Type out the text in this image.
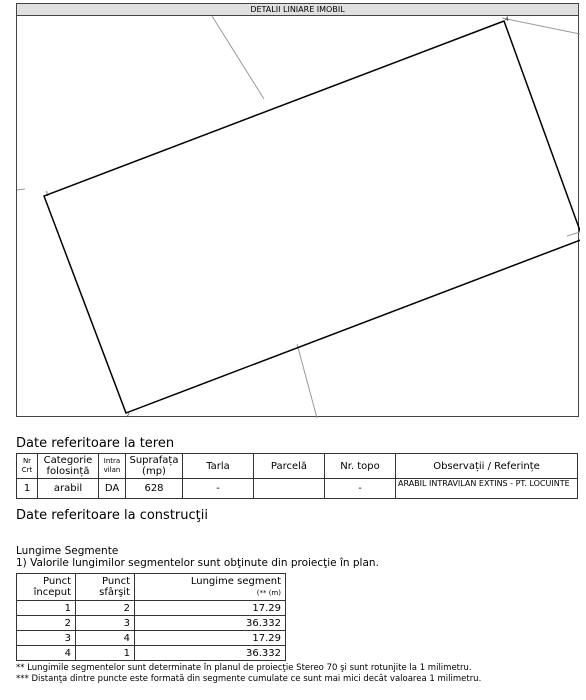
DETALII LINIARE IMOBIL
1
2
4
Date referitoare la teren
Nr Crt	Categorie folosință	Intra vilan	Suprafața (mp)	Tarla	Parcelă	Nr. topo	Observații / Referințe
1	arabil	DA	628	-		-	ARABIL INTRAVILAN EXTINS - PT. LOCUINTE
Date referitoare la construcţii
Lungime Segmente
1) Valorile lungimilor segmentelor sunt obţinute din proiecţie în plan.
Punct început	Punct sfârşit	Lungime segment
(** (m)
1	2	17.29
2	3	36.332
3	4	17.29
4	1	36.332
** Lungimile segmentelor sunt determinate în planul de proiecţie Stereo 70 şi sunt rotunjite la 1 milimetru.
*** Distanţa dintre puncte este formată din segmente cumulate ce sunt mai mici decât valoarea 1 milimetru.
